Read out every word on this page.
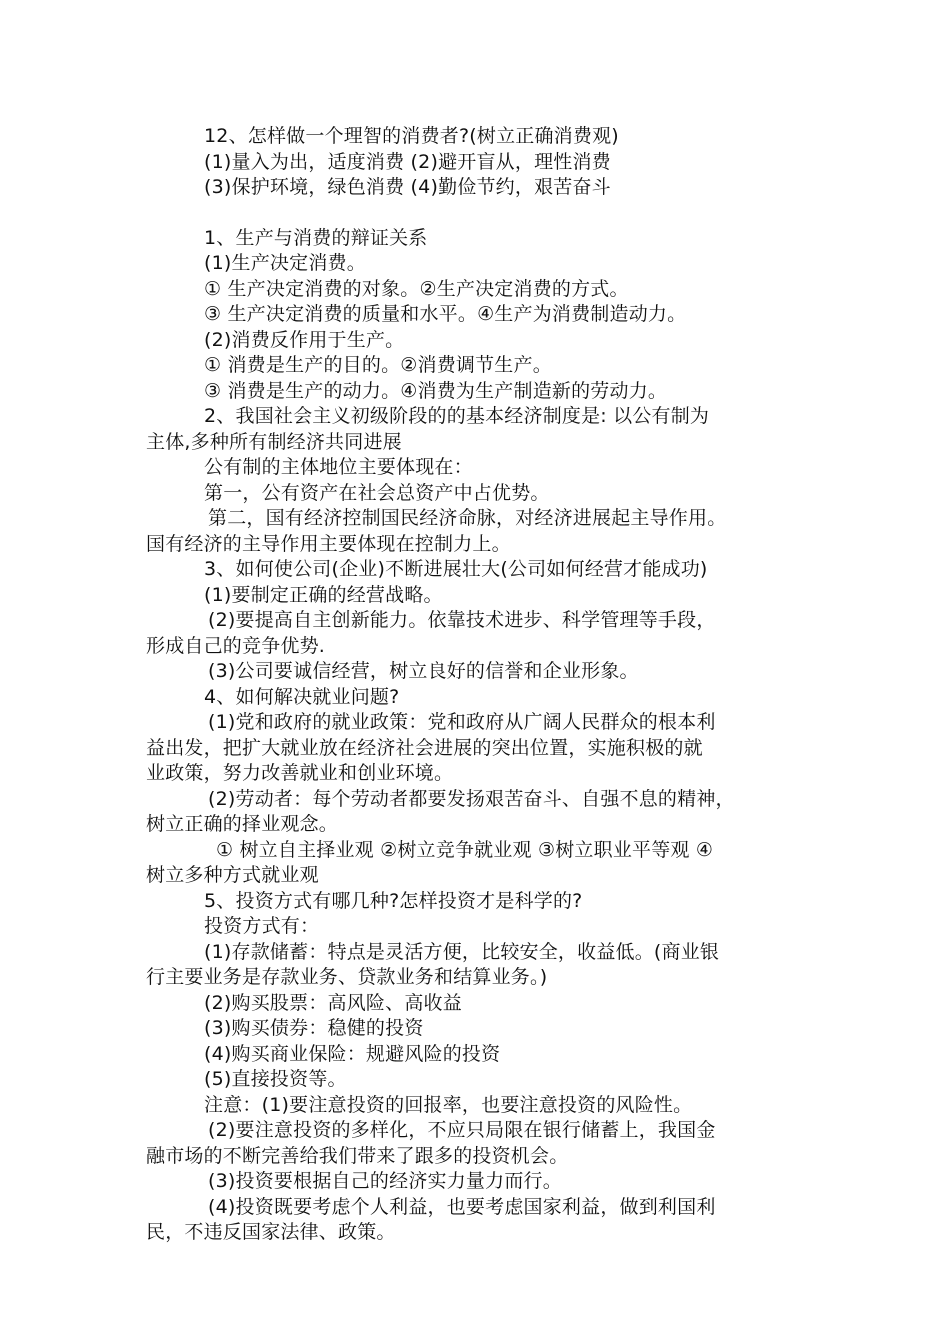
12、怎样做一个理智的消费者?(树立正确消费观)
(1)量入为出，适度消费 (2)避开盲从，理性消费
(3)保护环境，绿色消费 (4)勤俭节约，艰苦奋斗
1、生产与消费的辩证关系
(1)生产决定消费。
① 生产决定消费的对象。②生产决定消费的方式。
③ 生产决定消费的质量和水平。④生产为消费制造动力。
(2)消费反作用于生产。
① 消费是生产的目的。②消费调节生产。
③ 消费是生产的动力。④消费为生产制造新的劳动力。
2、我国社会主义初级阶段的的基本经济制度是: 以公有制为
主体,多种所有制经济共同进展
公有制的主体地位主要体现在：
第一，公有资产在社会总资产中占优势。
第二，国有经济控制国民经济命脉，对经济进展起主导作用。
国有经济的主导作用主要体现在控制力上。
3、如何使公司(企业)不断进展壮大(公司如何经营才能成功)
(1)要制定正确的经营战略。
(2)要提高自主创新能力。依靠技术进步、科学管理等手段，
形成自己的竞争优势.
(3)公司要诚信经营，树立良好的信誉和企业形象。
4、如何解决就业问题?
(1)党和政府的就业政策：党和政府从广阔人民群众的根本利
益出发，把扩大就业放在经济社会进展的突出位置，实施积极的就
业政策，努力改善就业和创业环境。
(2)劳动者：每个劳动者都要发扬艰苦奋斗、自强不息的精神，
树立正确的择业观念。
① 树立自主择业观 ②树立竞争就业观 ③树立职业平等观 ④
树立多种方式就业观
5、投资方式有哪几种?怎样投资才是科学的?
投资方式有：
(1)存款储蓄：特点是灵活方便，比较安全，收益低。(商业银
行主要业务是存款业务、贷款业务和结算业务。)
(2)购买股票：高风险、高收益
(3)购买债券：稳健的投资
(4)购买商业保险：规避风险的投资
(5)直接投资等。
注意：(1)要注意投资的回报率，也要注意投资的风险性。
(2)要注意投资的多样化，不应只局限在银行储蓄上，我国金
融市场的不断完善给我们带来了跟多的投资机会。
(3)投资要根据自己的经济实力量力而行。
(4)投资既要考虑个人利益，也要考虑国家利益，做到利国利
民，不违反国家法律、政策。
